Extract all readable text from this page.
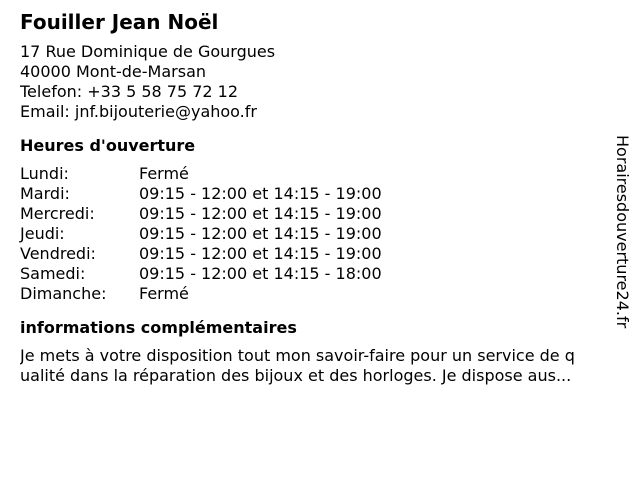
Fouiller Jean Noël
17 Rue Dominique de Gourgues
40000 Mont-de-Marsan
Telefon: +33 5 58 75 72 12
Email: jnf.bijouterie@yahoo.fr
Heures d'ouverture
Lundi:	Fermé
Mardi:	09:15 - 12:00 et 14:15 - 19:00
Mercredi:	09:15 - 12:00 et 14:15 - 19:00
Jeudi:	09:15 - 12:00 et 14:15 - 19:00
Vendredi:	09:15 - 12:00 et 14:15 - 19:00
Samedi:	09:15 - 12:00 et 14:15 - 18:00
Dimanche:	Fermé
informations complémentaires
Je mets à votre disposition tout mon savoir-faire pour un service de q
ualité dans la réparation des bijoux et des horloges. Je dispose aus...
Horairesdouverture24.fr
